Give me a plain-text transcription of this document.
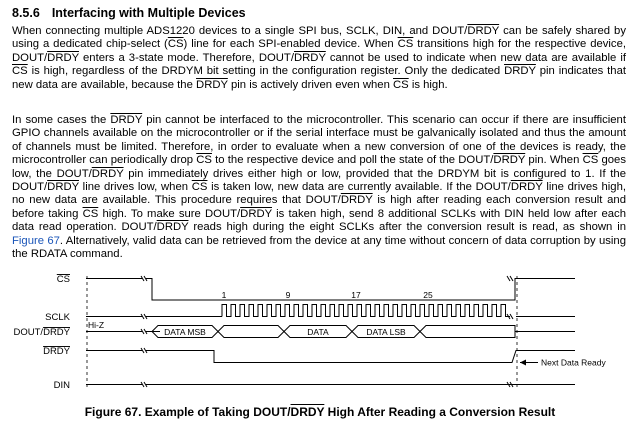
8.5.6 Interfacing with Multiple Devices

When connecting multiple ADS1220 devices to a single SPI bus, SCLK, DIN, and DOUT/DRDY can be safely shared by using a dedicated chip-select $(\overline{CS})$ line for each SPI-enabled device. When $\overline{CS}$ transitions high for the respective device, DOUT/DRDY enters a 3-state mode. Therefore, DOUT/DRDY cannot be used to indicate when new data are available if $\overline{CS}$ is high, regardless of the DRDYM bit setting in the configuration register. Only the dedicated DRDY pin indicates that new data are available, because the DRDY pin is actively driven even when $\overline{CS}$ is high.

In some cases the DRDY pin cannot be interfaced to the microcontroller. This scenario can occur if there are insufficient GPIO channels available on the microcontroller or if the serial interface must be galvanically isolated and thus the amount of channels must be limited. Therefore, in order to evaluate when a new conversion of one of the devices is ready, the microcontroller can periodically drop $\overline{CS}$ to the respective device and poll the state of the DOUT/DRDY pin. When $\overline{CS}$ goes low, the DOUT/DRDY pin immediately drives either high or low, provided that the DRDYM bit is configured to 1. If the DOUT/DRDY line drives low, when $\overline{CS}$ is taken low, new data are currently available. If the DOUT/DRDY line drives high, no new data are available. This procedure requires that DOUT/DRDY is high after reading each conversion result and before taking $\overline{CS}$ high. To make sure DOUT/DRDY is taken high, send 8 additional SCLKs with DIN held low after each data read operation. DOUT/DRDY reads high during the eight SCLKs after the conversion result is read, as shown in Figure 67. Alternatively, valid data can be retrieved from the device at any time without concern of data corruption by using the RDATA command.

CS
SCLK
DOUT/DRDY
DRDY
DIN
1	9	17	25
Hi-Z
DATA MSB	DATA	DATA LSB
Next Data Ready
Figure 67. Example of Taking DOUT/DRDY High After Reading a Conversion Result
